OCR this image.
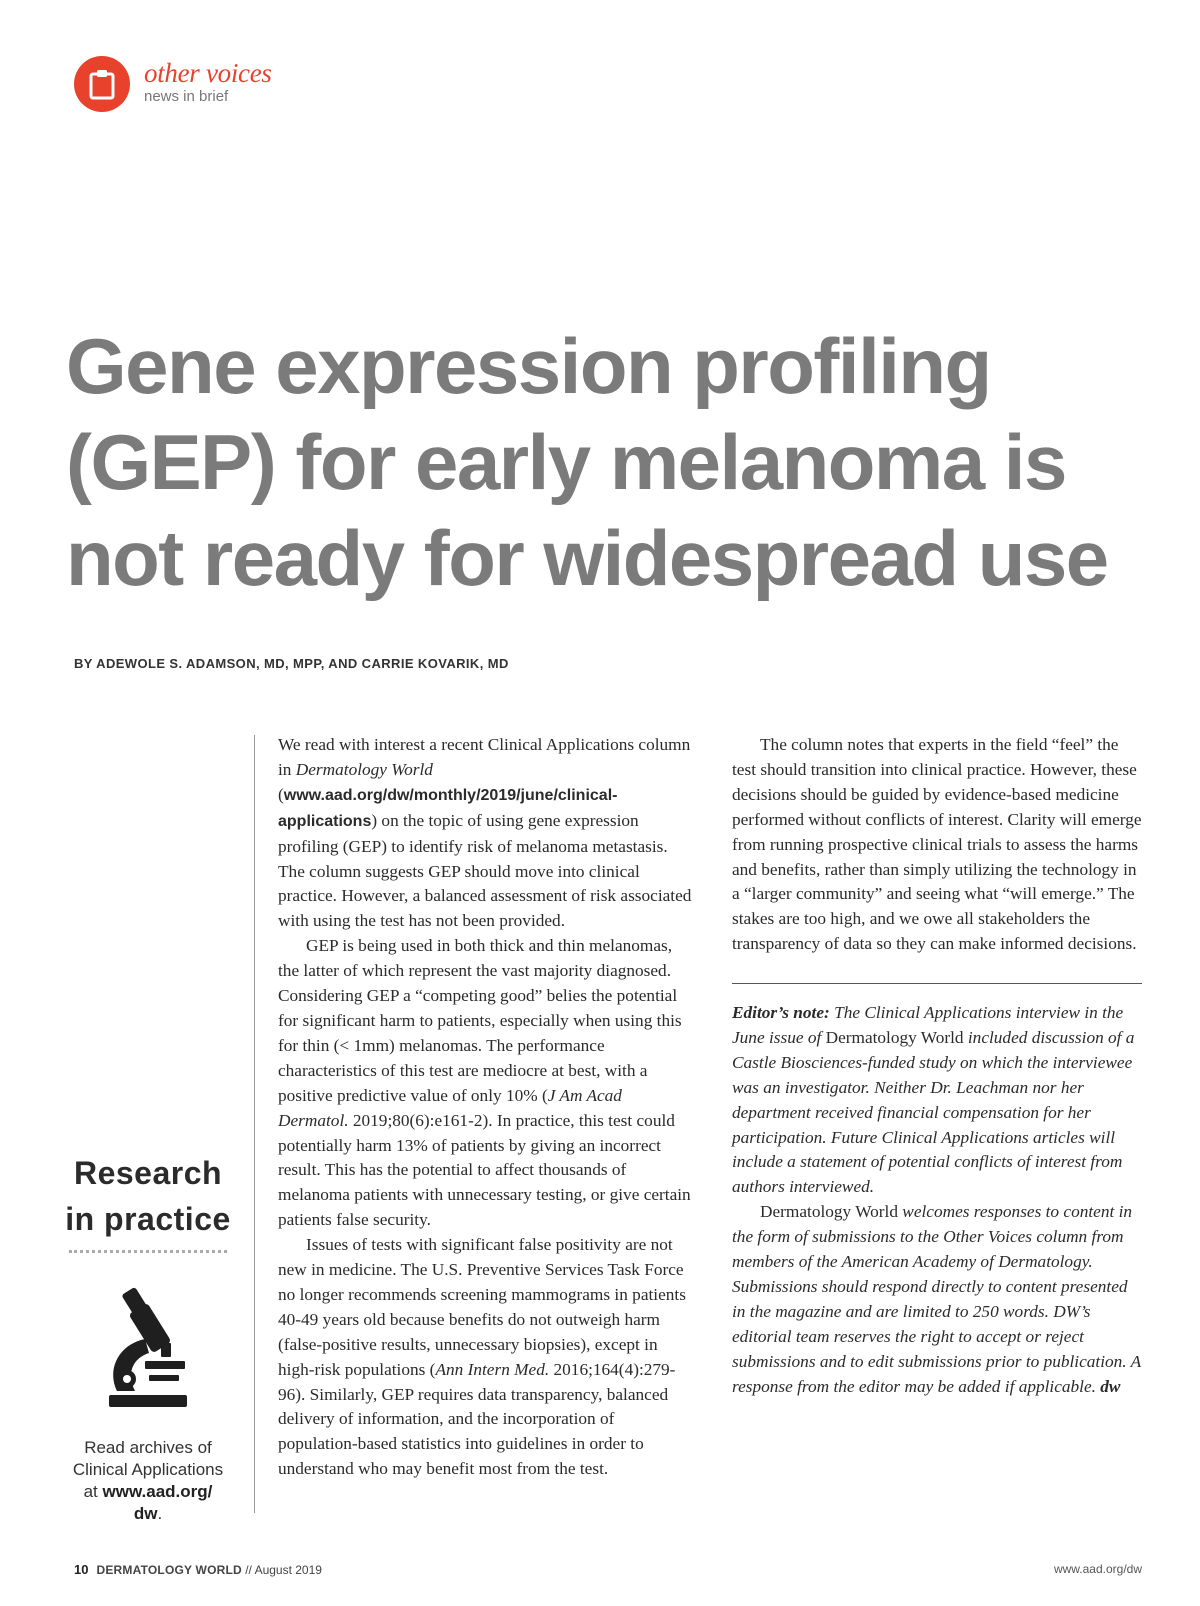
other voices
news in brief
Gene expression profiling (GEP) for early melanoma is not ready for widespread use
BY ADEWOLE S. ADAMSON, MD, MPP, AND CARRIE KOVARIK, MD
Research
in practice
Read archives of
Clinical Applications
at www.aad.org/
dw.

We read with interest a recent Clinical Applications column in Dermatology World (www.aad.org/dw/monthly/2019/june/clinical-applications) on the topic of using gene expression profiling (GEP) to identify risk of melanoma metastasis. The column suggests GEP should move into clinical practice. However, a balanced assessment of risk associated with using the test has not been provided.

GEP is being used in both thick and thin melanomas, the latter of which represent the vast majority diagnosed. Considering GEP a “competing good” belies the potential for significant harm to patients, especially when using this for thin (< 1mm) melanomas. The performance characteristics of this test are mediocre at best, with a positive predictive value of only 10% (J Am Acad Dermatol. 2019;80(6):e161-2). In practice, this test could potentially harm 13% of patients by giving an incorrect result. This has the potential to affect thousands of melanoma patients with unnecessary testing, or give certain patients false security.

Issues of tests with significant false positivity are not new in medicine. The U.S. Preventive Services Task Force no longer recommends screening mammograms in patients 40-49 years old because benefits do not outweigh harm (false-positive results, unnecessary biopsies), except in high-risk populations (Ann Intern Med. 2016;164(4):279-96). Similarly, GEP requires data transparency, balanced delivery of information, and the incorporation of population-based statistics into guidelines in order to understand who may benefit most from the test.

The column notes that experts in the field “feel” the test should transition into clinical practice. However, these decisions should be guided by evidence-based medicine performed without conflicts of interest. Clarity will emerge from running prospective clinical trials to assess the harms and benefits, rather than simply utilizing the technology in a “larger community” and seeing what “will emerge.” The stakes are too high, and we owe all stakeholders the transparency of data so they can make informed decisions.

Editor’s note: The Clinical Applications interview in the June issue of Dermatology World included discussion of a Castle Biosciences-funded study on which the interviewee was an investigator. Neither Dr. Leachman nor her department received financial compensation for her participation. Future Clinical Applications articles will include a statement of potential conflicts of interest from authors interviewed.

Dermatology World welcomes responses to content in the form of submissions to the Other Voices column from members of the American Academy of Dermatology. Submissions should respond directly to content presented in the magazine and are limited to 250 words. DW’s editorial team reserves the right to accept or reject submissions and to edit submissions prior to publication. A response from the editor may be added if applicable. dw

10 DERMATOLOGY WORLD // August 2019	www.aad.org/dw
